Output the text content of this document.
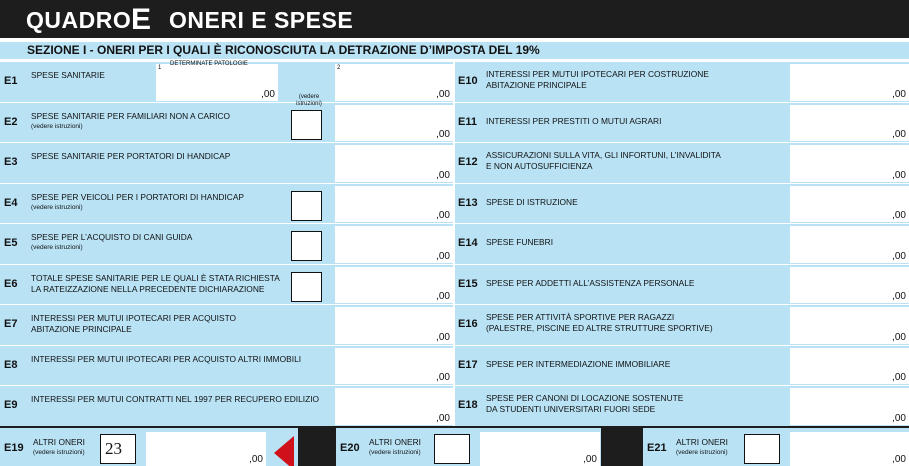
QUADRO E ONERI E SPESE
SEZIONE I - ONERI PER I QUALI È RICONOSCIUTA LA DETRAZIONE D’IMPOSTA DEL 19%
E1 SPESE SANITARIE
,00
E2 SPESE SANITARIE PER FAMILIARI NON A CARICO
(vedere istruzioni)
,00
E3 SPESE SANITARIE PER PORTATORI DI HANDICAP
,00
E4 SPESE PER VEICOLI PER I PORTATORI DI HANDICAP
(vedere istruzioni)
,00
E5 SPESE PER L’ACQUISTO DI CANI GUIDA
(vedere istruzioni)
,00
E6 TOTALE SPESE SANITARIE PER LE QUALI È STATA RICHIESTA
LA RATEIZZAZIONE NELLA PRECEDENTE DICHIARAZIONE
,00
E7 INTERESSI PER MUTUI IPOTECARI PER ACQUISTO
ABITAZIONE PRINCIPALE
,00
E8 INTERESSI PER MUTUI IPOTECARI PER ACQUISTO ALTRI IMMOBILI
,00
E9 INTERESSI PER MUTUI CONTRATTI NEL 1997 PER RECUPERO EDILIZIO
,00
,00
1
DETERMINATE PATOLOGIE
2
(vedere istruzioni)
E10
INTERESSI PER MUTUI IPOTECARI PER COSTRUZIONE
ABITAZIONE PRINCIPALE
,00
E11 INTERESSI PER PRESTITI O MUTUI AGRARI
,00
E12
ASSICURAZIONI SULLA VITA, GLI INFORTUNI, L’INVALIDITA
E NON AUTOSUFFICIENZA
,00
E13 SPESE DI ISTRUZIONE
,00
E14 SPESE FUNEBRI
,00
E15 SPESE PER ADDETTI ALL’ASSISTENZA PERSONALE
,00
E16
SPESE PER ATTIVITÀ SPORTIVE PER RAGAZZI
(PALESTRE, PISCINE ED ALTRE STRUTTURE SPORTIVE)
,00
E17 SPESE PER INTERMEDIAZIONE IMMOBILIARE
,00
E18
SPESE PER CANONI DI LOCAZIONE SOSTENUTE
DA STUDENTI UNIVERSITARI FUORI SEDE
,00
E19 ALTRI ONERI
(vedere istruzioni)	23
,00
E20 ALTRI ONERI
(vedere istruzioni)
,00
E21 ALTRI ONERI
(vedere istruzioni)
,00
